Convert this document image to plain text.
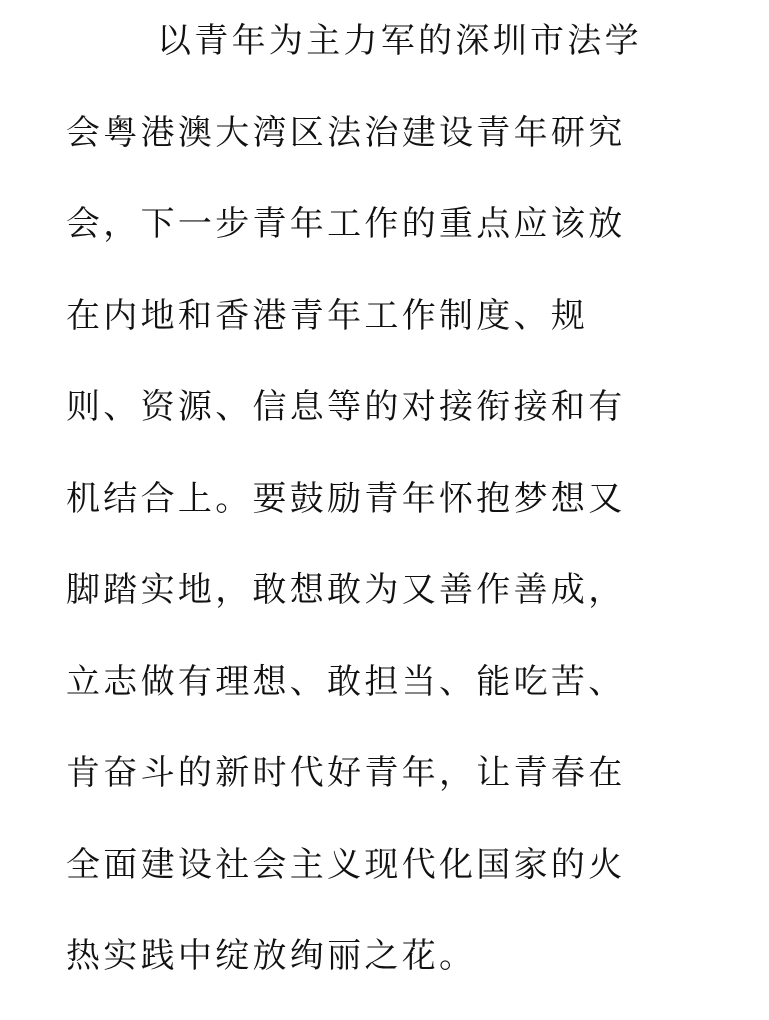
以青年为主力军的深圳市法学
会粤港澳大湾区法治建设青年研究
会，下一步青年工作的重点应该放
在内地和香港青年工作制度、规
则、资源、信息等的对接衔接和有
机结合上。要鼓励青年怀抱梦想又
脚踏实地，敢想敢为又善作善成，
立志做有理想、敢担当、能吃苦、
肯奋斗的新时代好青年，让青春在
全面建设社会主义现代化国家的火
热实践中绽放绚丽之花。
